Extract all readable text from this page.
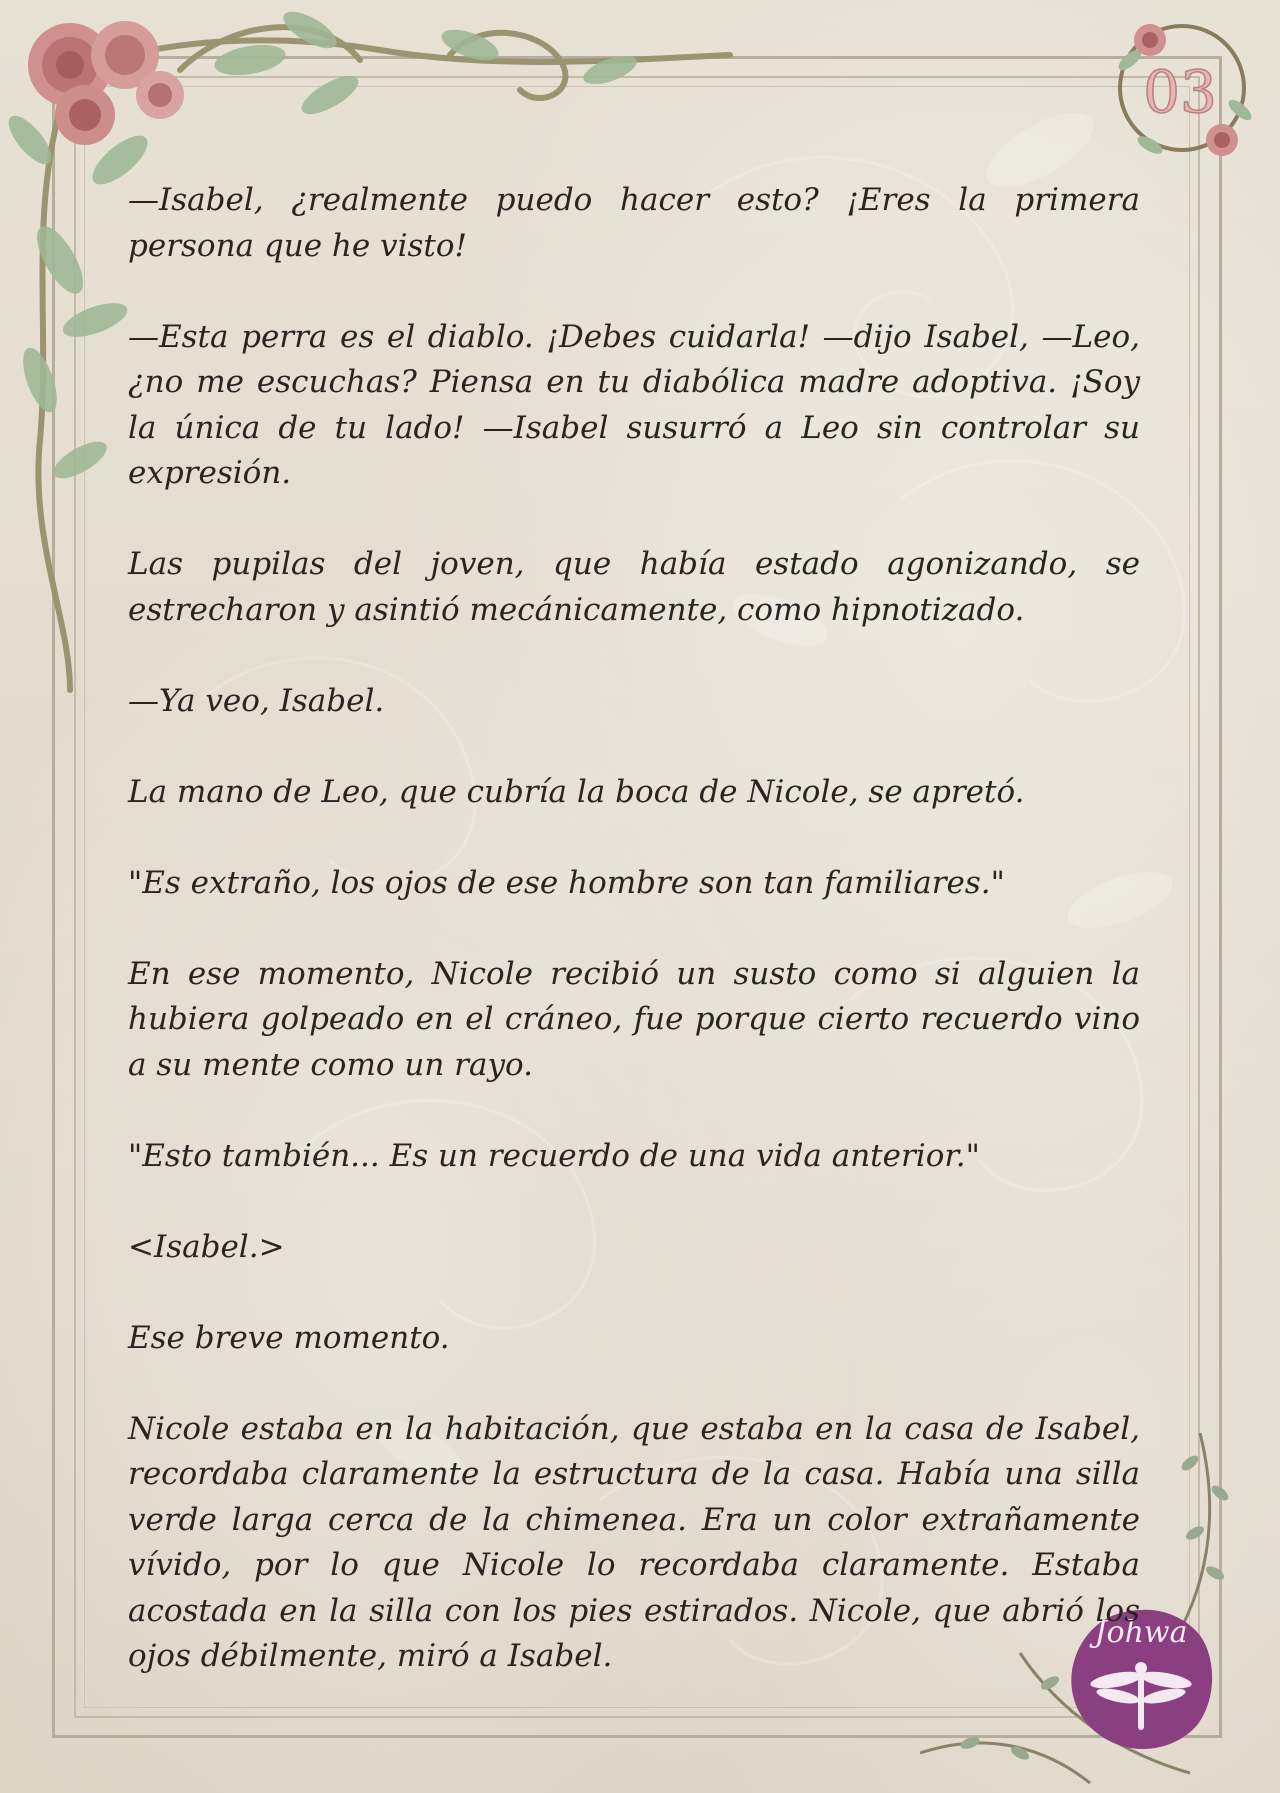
03
Johwa

—Isabel, ¿realmente puedo hacer esto? ¡Eres la primera persona que he visto!

—Esta perra es el diablo. ¡Debes cuidarla! —dijo Isabel, —Leo, ¿no me escuchas? Piensa en tu diabólica madre adoptiva. ¡Soy la única de tu lado! —Isabel susurró a Leo sin controlar su expresión.

Las pupilas del joven, que había estado agonizando, se estrecharon y asintió mecánicamente, como hipnotizado.

—Ya veo, Isabel.

La mano de Leo, que cubría la boca de Nicole, se apretó.

"Es extraño, los ojos de ese hombre son tan familiares."

En ese momento, Nicole recibió un susto como si alguien la hubiera golpeado en el cráneo, fue porque cierto recuerdo vino a su mente como un rayo.

"Esto también... Es un recuerdo de una vida anterior."

<Isabel.>

Ese breve momento.

Nicole estaba en la habitación, que estaba en la casa de Isabel, recordaba claramente la estructura de la casa. Había una silla verde larga cerca de la chimenea. Era un color extrañamente vívido, por lo que Nicole lo recordaba claramente. Estaba acostada en la silla con los pies estirados. Nicole, que abrió los ojos débilmente, miró a Isabel.
